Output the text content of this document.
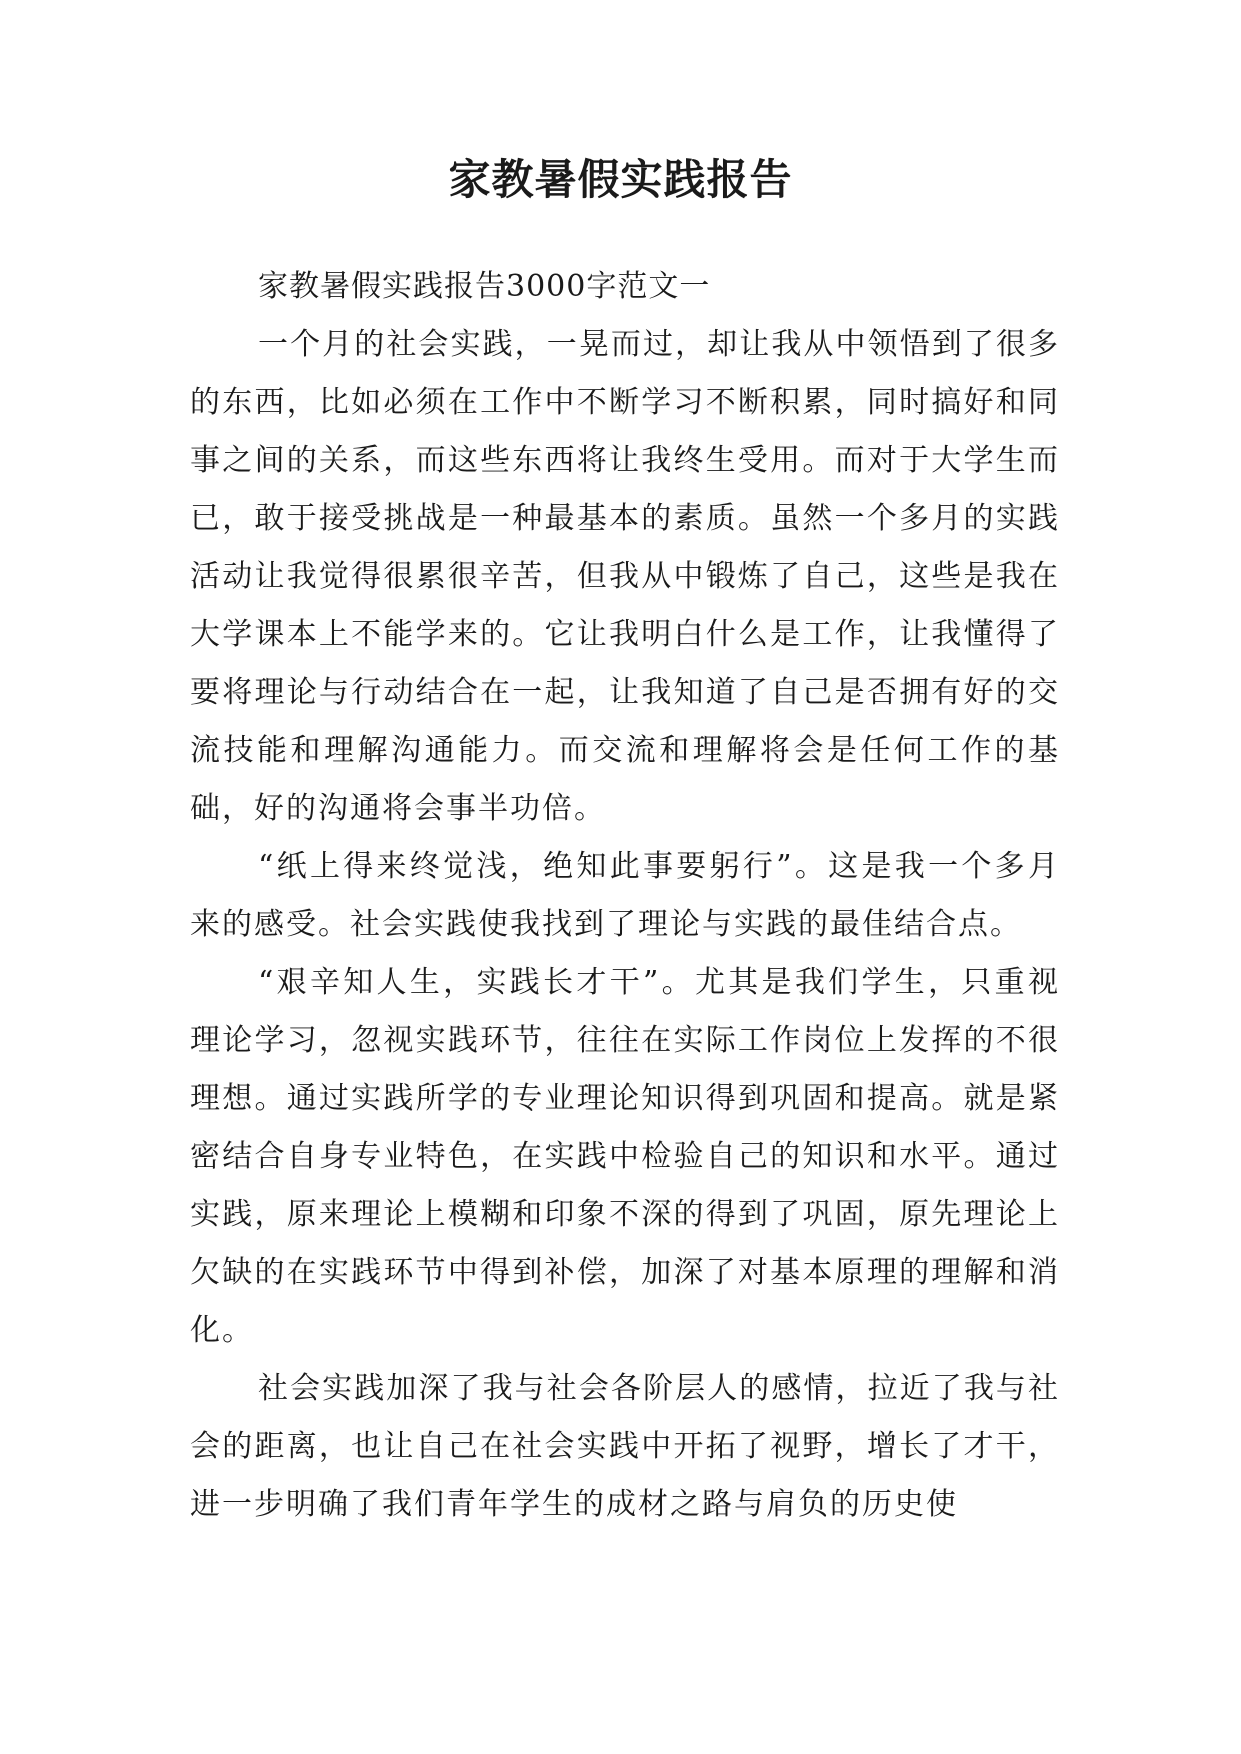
家教暑假实践报告

家教暑假实践报告3000字范文一

一个月的社会实践，一晃而过，却让我从中领悟到了很多的东西，比如必须在工作中不断学习不断积累，同时搞好和同事之间的关系，而这些东西将让我终生受用。而对于大学生而已，敢于接受挑战是一种最基本的素质。虽然一个多月的实践活动让我觉得很累很辛苦，但我从中锻炼了自己，这些是我在大学课本上不能学来的。它让我明白什么是工作，让我懂得了要将理论与行动结合在一起，让我知道了自己是否拥有好的交流技能和理解沟通能力。而交流和理解将会是任何工作的基础，好的沟通将会事半功倍。

“纸上得来终觉浅，绝知此事要躬行”。这是我一个多月来的感受。社会实践使我找到了理论与实践的最佳结合点。

“艰辛知人生，实践长才干”。尤其是我们学生，只重视理论学习，忽视实践环节，往往在实际工作岗位上发挥的不很理想。通过实践所学的专业理论知识得到巩固和提高。就是紧密结合自身专业特色，在实践中检验自己的知识和水平。通过实践，原来理论上模糊和印象不深的得到了巩固，原先理论上欠缺的在实践环节中得到补偿，加深了对基本原理的理解和消化。

社会实践加深了我与社会各阶层人的感情，拉近了我与社会的距离，也让自己在社会实践中开拓了视野，增长了才干，进一步明确了我们青年学生的成材之路与肩负的历史使
